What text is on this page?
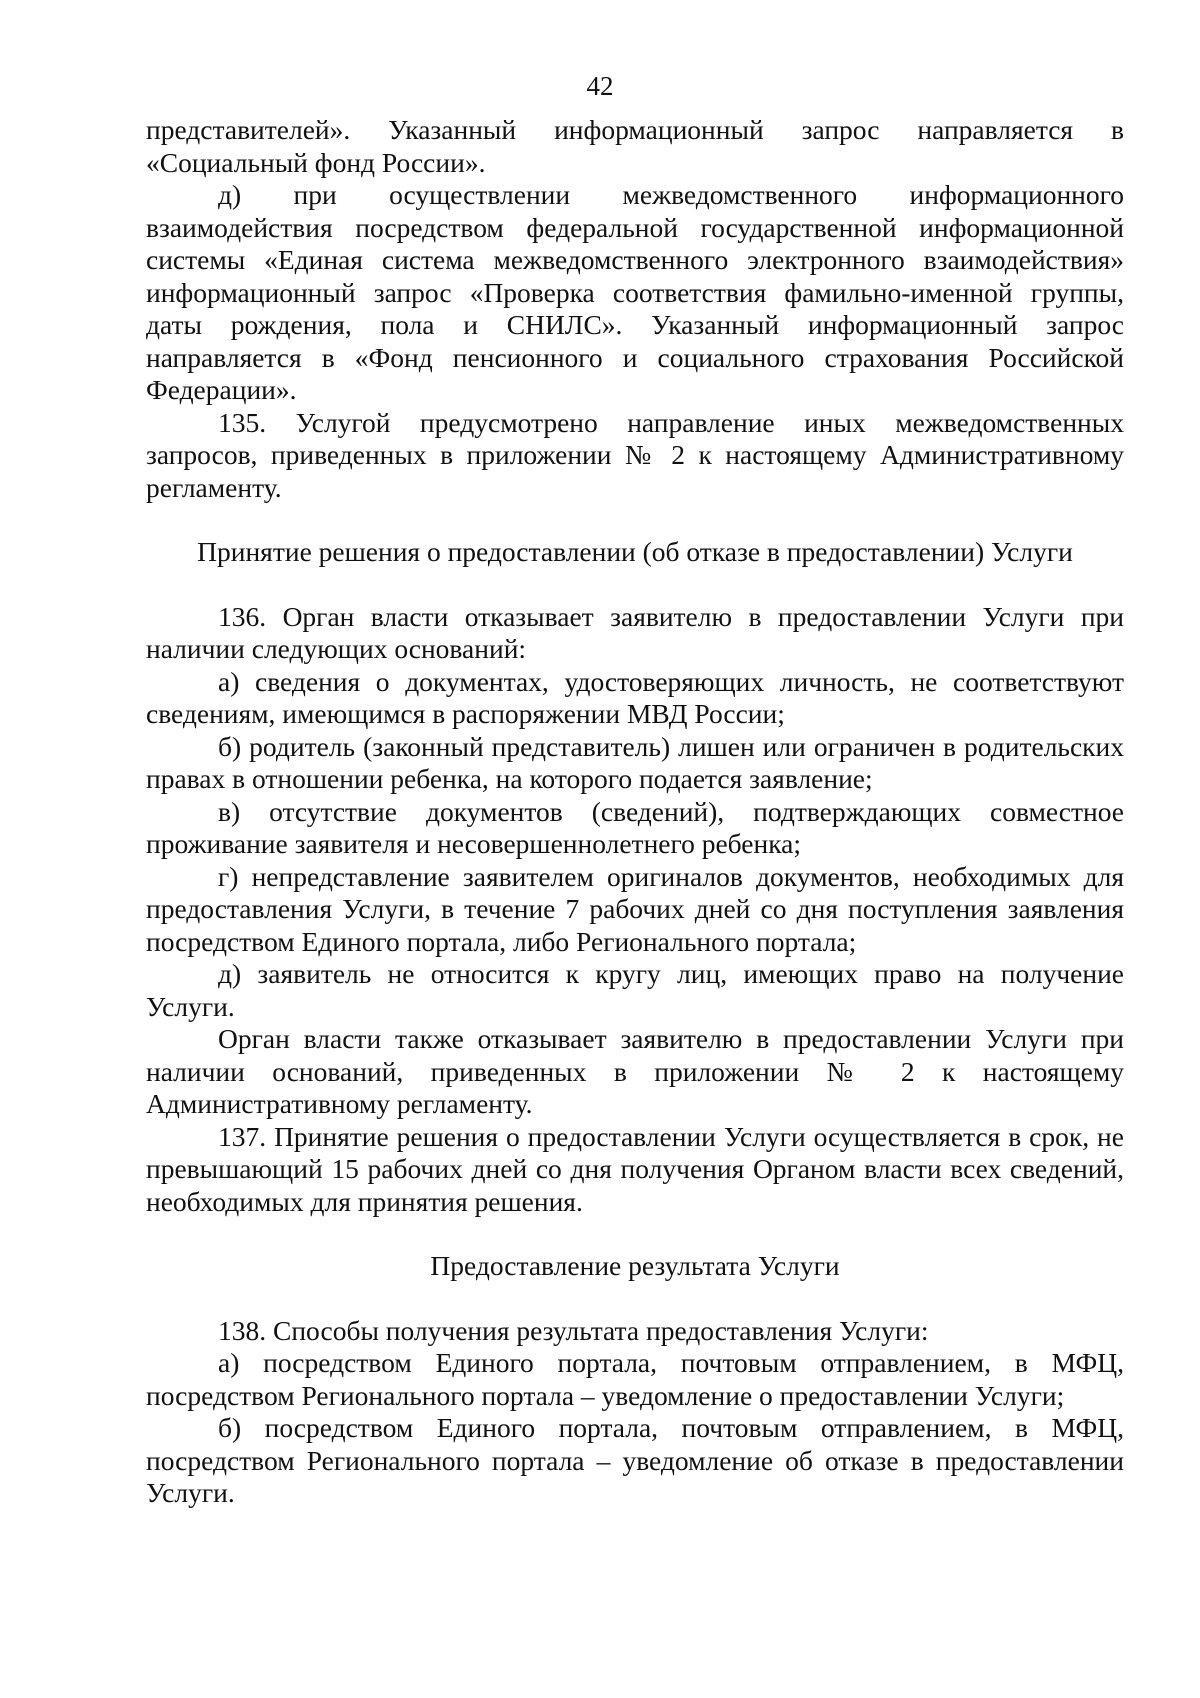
42

представителей». Указанный информационный запрос направляется в «Социальный фонд России».

д) при осуществлении межведомственного информационного взаимодействия посредством федеральной государственной информационной системы «Единая система межведомственного электронного взаимодействия» информационный запрос «Проверка соответствия фамильно-именной группы, даты рождения, пола и СНИЛС». Указанный информационный запрос направляется в «Фонд пенсионного и социального страхования Российской Федерации».

135. Услугой предусмотрено направление иных межведомственных запросов, приведенных в приложении № 2 к настоящему Административному регламенту.

Принятие решения о предоставлении (об отказе в предоставлении) Услуги

136. Орган власти отказывает заявителю в предоставлении Услуги при наличии следующих оснований:

а) сведения о документах, удостоверяющих личность, не соответствуют сведениям, имеющимся в распоряжении МВД России;

б) родитель (законный представитель) лишен или ограничен в родительских правах в отношении ребенка, на которого подается заявление;

в) отсутствие документов (сведений), подтверждающих совместное проживание заявителя и несовершеннолетнего ребенка;

г) непредставление заявителем оригиналов документов, необходимых для предоставления Услуги, в течение 7 рабочих дней со дня поступления заявления посредством Единого портала, либо Регионального портала;

д) заявитель не относится к кругу лиц, имеющих право на получение Услуги.

Орган власти также отказывает заявителю в предоставлении Услуги при наличии оснований, приведенных в приложении № 2 к настоящему Административному регламенту.

137. Принятие решения о предоставлении Услуги осуществляется в срок, не превышающий 15 рабочих дней со дня получения Органом власти всех сведений, необходимых для принятия решения.

Предоставление результата Услуги

138. Способы получения результата предоставления Услуги:

а) посредством Единого портала, почтовым отправлением, в МФЦ, посредством Регионального портала – уведомление о предоставлении Услуги;

б) посредством Единого портала, почтовым отправлением, в МФЦ, посредством Регионального портала – уведомление об отказе в предоставлении Услуги.
